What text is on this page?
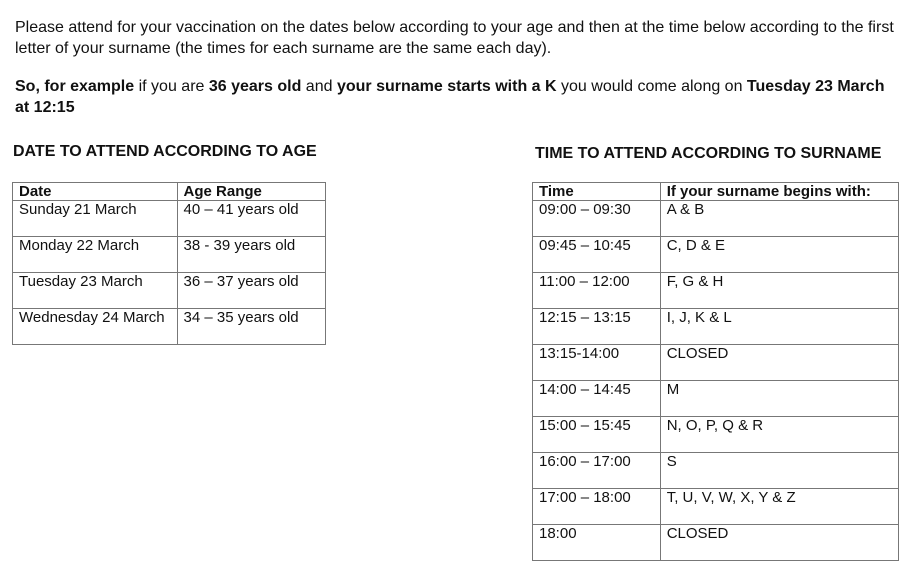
Please attend for your vaccination on the dates below according to your age and then at the time below according to the first letter of your surname (the times for each surname are the same each day).

So, for example if you are 36 years old and your surname starts with a K you would come along on Tuesday 23 March at 12:15

DATE TO ATTEND ACCORDING TO AGE	TIME TO ATTEND ACCORDING TO SURNAME
Date	Age Range
Sunday 21 March	40 – 41 years old
Monday 22 March	38 - 39 years old
Tuesday 23 March	36 – 37 years old
Wednesday 24 March	34 – 35 years old
Time	If your surname begins with:
09:00 – 09:30	A & B
09:45 – 10:45	C, D & E
11:00 – 12:00	F, G & H
12:15 – 13:15	I, J, K & L
13:15-14:00	CLOSED
14:00 – 14:45	M
15:00 – 15:45	N, O, P, Q & R
16:00 – 17:00	S
17:00 – 18:00	T, U, V, W, X, Y & Z
18:00	CLOSED
